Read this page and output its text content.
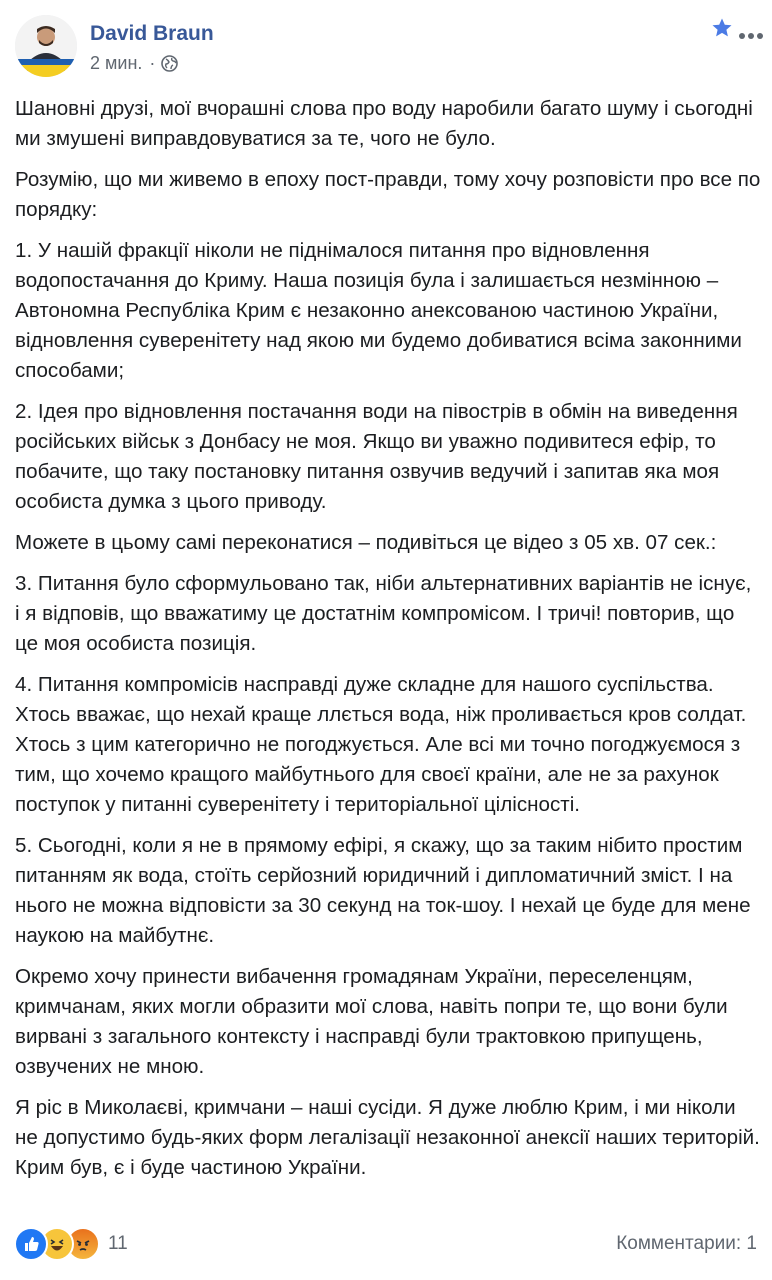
David Braun
2 мин. ·

Шановні друзі, мої вчорашні слова про воду наробили багато шуму і сьогодні ми змушені виправдовуватися за те, чого не було.

Розумію, що ми живемо в епоху пост-правди, тому хочу розповісти про все по порядку:

1. У нашій фракції ніколи не піднімалося питання про відновлення водопостачання до Криму. Наша позиція була і залишається незмінною – Автономна Республіка Крим є незаконно анексованою частиною України, відновлення суверенітету над якою ми будемо добиватися всіма законними способами;

2. Ідея про відновлення постачання води на півострів в обмін на виведення російських військ з Донбасу не моя. Якщо ви уважно подивитеся ефір, то побачите, що таку постановку питання озвучив ведучий і запитав яка моя особиста думка з цього приводу.

Можете в цьому самі переконатися – подивіться це відео з 05 хв. 07 сек.:

3. Питання було сформульовано так, ніби альтернативних варіантів не існує, і я відповів, що вважатиму це достатнім компромісом. І тричі! повторив, що це моя особиста позиція.

4. Питання компромісів насправді дуже складне для нашого суспільства. Хтось вважає, що нехай краще ллється вода, ніж проливається кров солдат. Хтось з цим категорично не погоджується. Але всі ми точно погоджуємося з тим, що хочемо кращого майбутнього для своєї країни, але не за рахунок поступок у питанні суверенітету і територіальної цілісності.

5. Сьогодні, коли я не в прямому ефірі, я скажу, що за таким нібито простим питанням як вода, стоїть серйозний юридичний і дипломатичний зміст. І на нього не можна відповісти за 30 секунд на ток-шоу. І нехай це буде для мене наукою на майбутнє.

Окремо хочу принести вибачення громадянам України, переселенцям, кримчанам, яких могли образити мої слова, навіть попри те, що вони були вирвані з загального контексту і насправді були трактовкою припущень, озвучених не мною.

Я ріс в Миколаєві, кримчани – наші сусіди. Я дуже люблю Крим, і ми ніколи не допустимо будь-яких форм легалізації незаконної анексії наших територій. Крим був, є і буде частиною України.

11	Комментарии: 1
